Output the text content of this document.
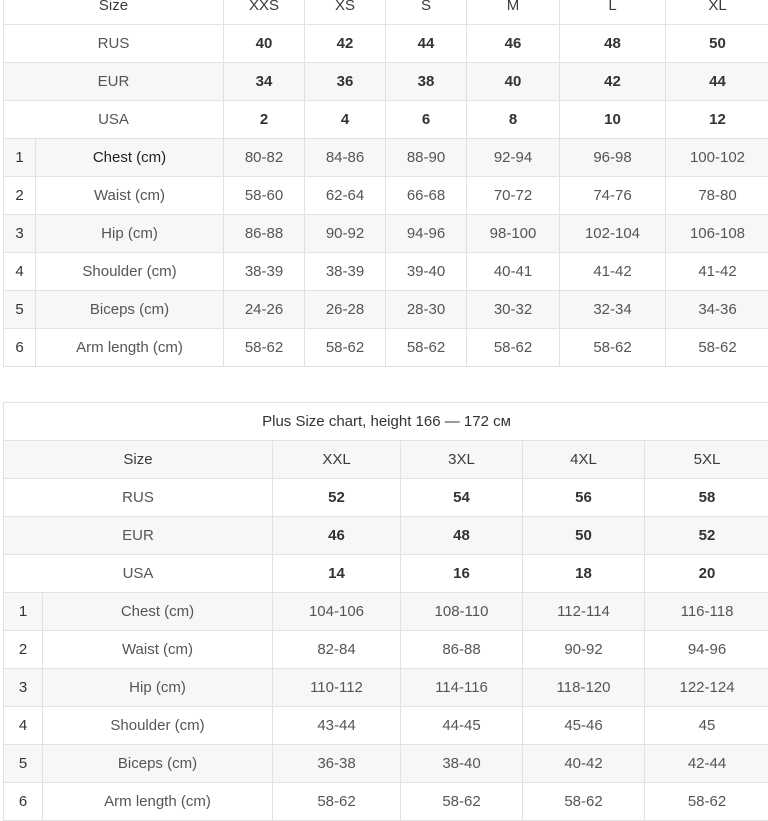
Size		XXS	XS	S	M	L	XL
RUS		40	42	44	46	48	50
EUR		34	36	38	40	42	44
USA		2	4	6	8	10	12
1	Chest (cm)	80-82	84-86	88-90	92-94	96-98	100-102
2	Waist (cm)	58-60	62-64	66-68	70-72	74-76	78-80
3	Hip (cm)	86-88	90-92	94-96	98-100	102-104	106-108
4	Shoulder (cm)	38-39	38-39	39-40	40-41	41-42	41-42
5	Biceps (cm)	24-26	26-28	28-30	30-32	32-34	34-36
6	Arm length (cm)	58-62	58-62	58-62	58-62	58-62	58-62
Plus Size chart, height 166 — 172 см					
Size		XXL	3XL	4XL	5XL
RUS		52	54	56	58
EUR		46	48	50	52
USA		14	16	18	20
1	Chest (cm)	104-106	108-110	112-114	116-118
2	Waist (cm)	82-84	86-88	90-92	94-96
3	Hip (cm)	110-112	114-116	118-120	122-124
4	Shoulder (cm)	43-44	44-45	45-46	45
5	Biceps (cm)	36-38	38-40	40-42	42-44
6	Arm length (cm)	58-62	58-62	58-62	58-62
